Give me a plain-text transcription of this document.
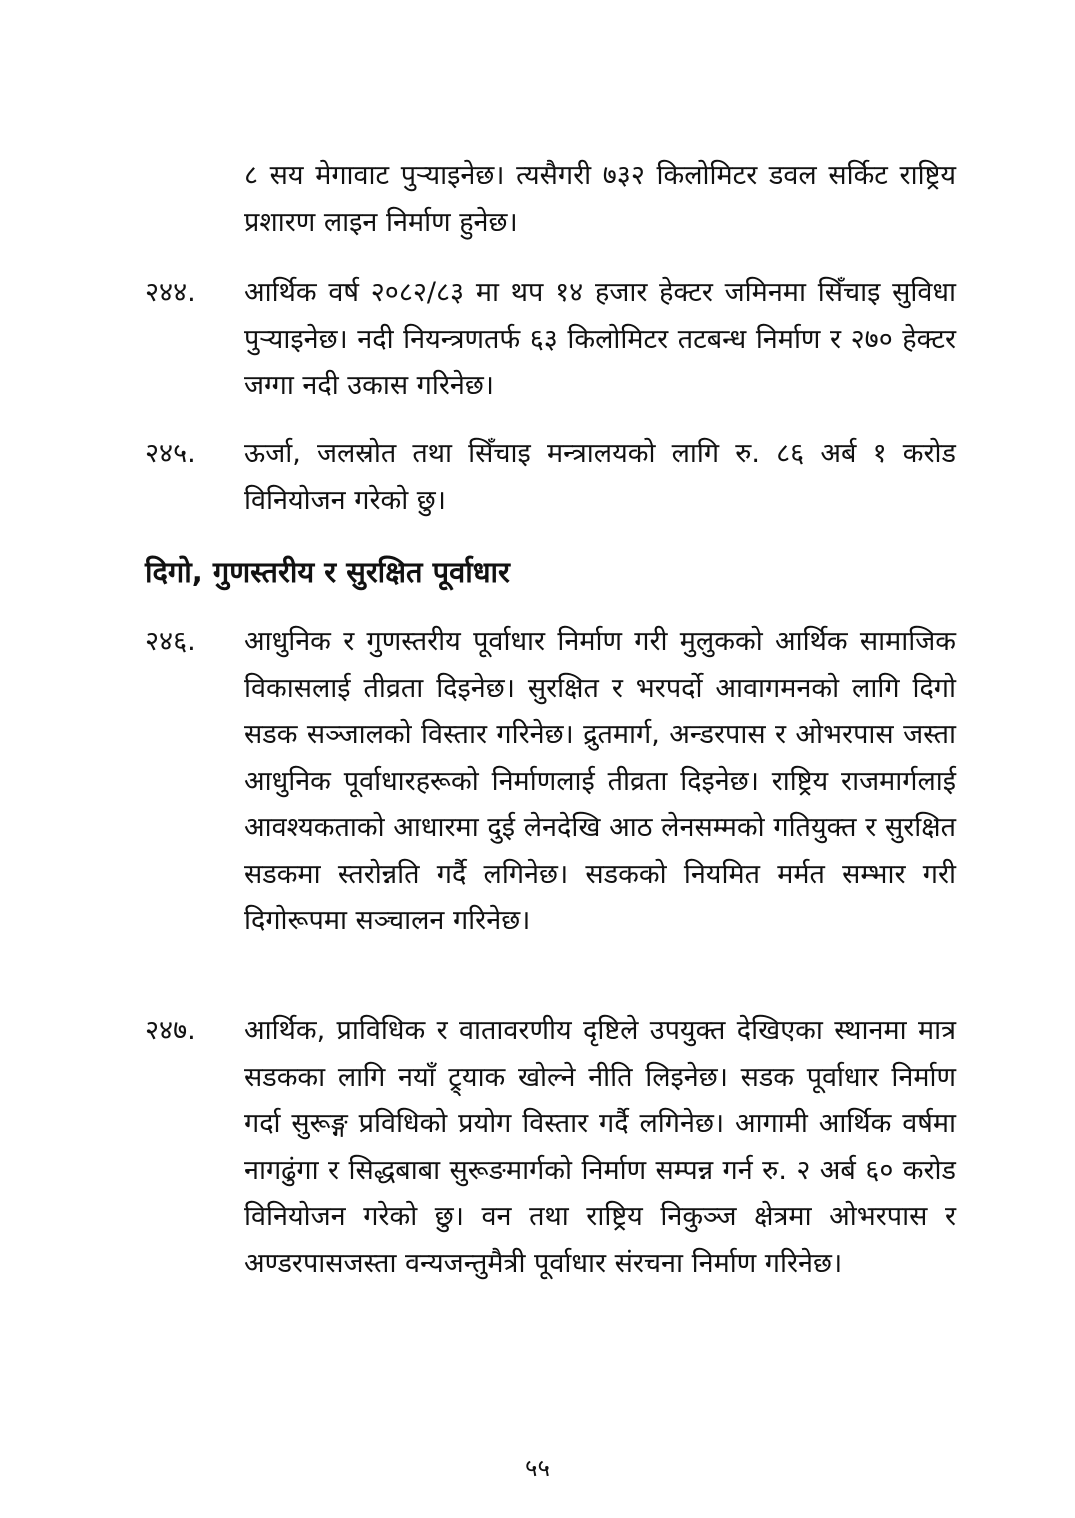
८ सय मेगावाट पुऱ्याइनेछ। त्यसैगरी ७३२ किलोमिटर डवल सर्किट राष्ट्रिय प्रशारण लाइन निर्माण हुनेछ।
२४४.	आर्थिक वर्ष २०८२/८३ मा थप १४ हजार हेक्टर जमिनमा सिँचाइ सुविधा पुऱ्याइनेछ। नदी नियन्त्रणतर्फ ६३ किलोमिटर तटबन्ध निर्माण र २७० हेक्टर जग्गा नदी उकास गरिनेछ।
२४५.	ऊर्जा, जलस्रोत तथा सिँचाइ मन्त्रालयको लागि रु. ८६ अर्ब १ करोड विनियोजन गरेको छु।
दिगो, गुणस्तरीय र सुरक्षित पूर्वाधार
२४६.	आधुनिक र गुणस्तरीय पूर्वाधार निर्माण गरी मुलुकको आर्थिक सामाजिक विकासलाई तीव्रता दिइनेछ। सुरक्षित र भरपर्दो आवागमनको लागि दिगो सडक सञ्जालको विस्तार गरिनेछ। द्रुतमार्ग, अन्डरपास र ओभरपास जस्ता आधुनिक पूर्वाधारहरूको निर्माणलाई तीव्रता दिइनेछ। राष्ट्रिय राजमार्गलाई आवश्यकताको आधारमा दुई लेनदेखि आठ लेनसम्मको गतियुक्त र सुरक्षित सडकमा स्तरोन्नति गर्दै लगिनेछ। सडकको नियमित मर्मत सम्भार गरी दिगोरूपमा सञ्चालन गरिनेछ।
२४७.	आर्थिक, प्राविधिक र वातावरणीय दृष्टिले उपयुक्त देखिएका स्थानमा मात्र सडकका लागि नयाँ ट्र्याक खोल्ने नीति लिइनेछ। सडक पूर्वाधार निर्माण गर्दा सुरूङ्ग प्रविधिको प्रयोग विस्तार गर्दै लगिनेछ। आगामी आर्थिक वर्षमा नागढुंगा र सिद्धबाबा सुरूङमार्गको निर्माण सम्पन्न गर्न रु. २ अर्ब ६० करोड विनियोजन गरेको छु। वन तथा राष्ट्रिय निकुञ्ज क्षेत्रमा ओभरपास र अण्डरपासजस्ता वन्यजन्तुमैत्री पूर्वाधार संरचना निर्माण गरिनेछ।
५५
